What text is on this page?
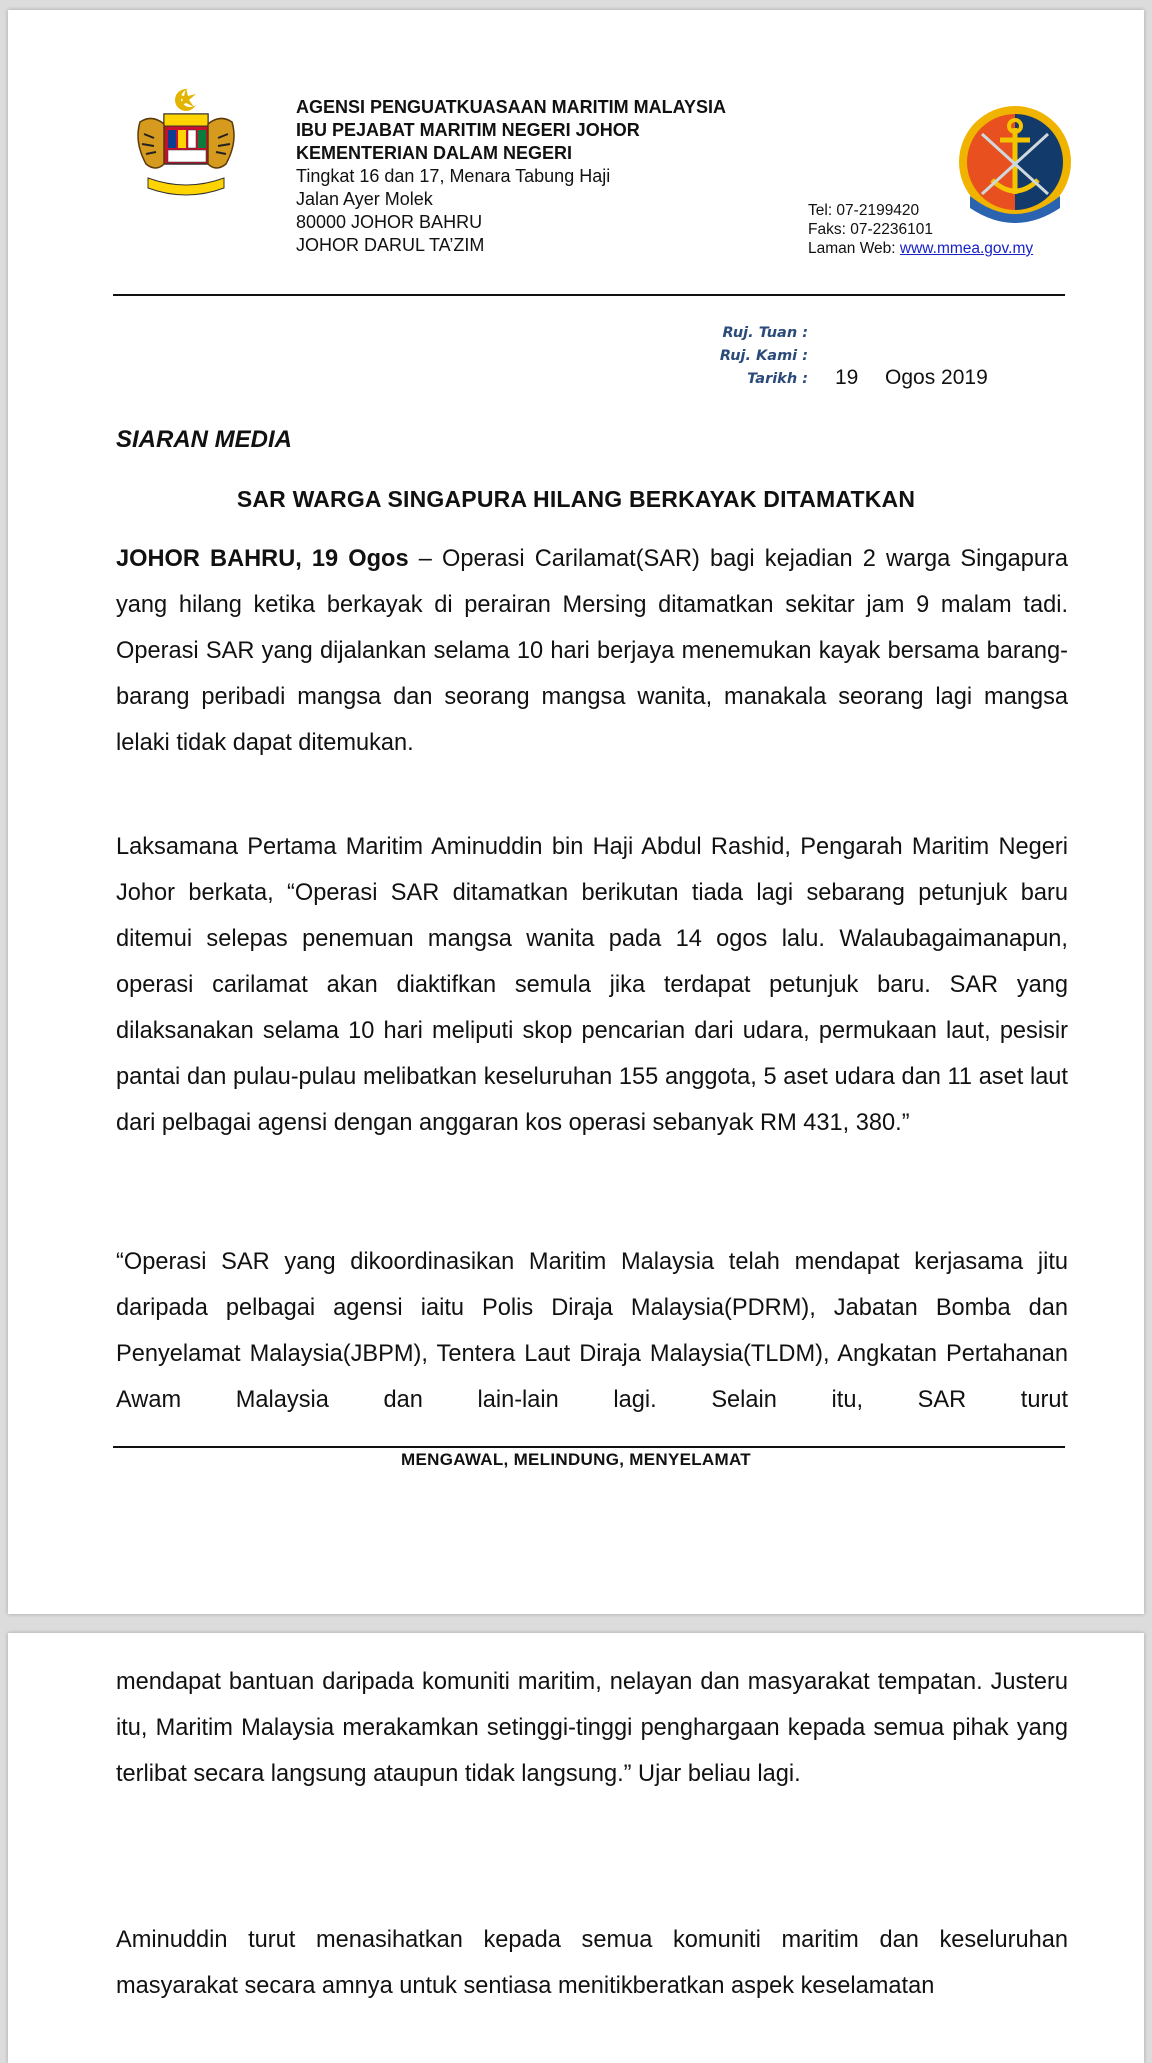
AGENSI PENGUATKUASAAN MARITIM MALAYSIA
IBU PEJABAT MARITIM NEGERI JOHOR
KEMENTERIAN DALAM NEGERI
Tingkat 16 dan 17, Menara Tabung Haji
Jalan Ayer Molek
80000 JOHOR BAHRU
JOHOR DARUL TA’ZIM
Tel: 07-2199420
Faks: 07-2236101
Laman Web: www.mmea.gov.my
Ruj. Tuan :
Ruj. Kami :
Tarikh : 19 Ogos 2019
SIARAN MEDIA
SAR WARGA SINGAPURA HILANG BERKAYAK DITAMATKAN
JOHOR BAHRU, 19 Ogos – Operasi Carilamat(SAR) bagi kejadian 2 warga Singapura yang hilang ketika berkayak di perairan Mersing ditamatkan sekitar jam 9 malam tadi. Operasi SAR yang dijalankan selama 10 hari berjaya menemukan kayak bersama barang-barang peribadi mangsa dan seorang mangsa wanita, manakala seorang lagi mangsa lelaki tidak dapat ditemukan.
Laksamana Pertama Maritim Aminuddin bin Haji Abdul Rashid, Pengarah Maritim Negeri Johor berkata, “Operasi SAR ditamatkan berikutan tiada lagi sebarang petunjuk baru ditemui selepas penemuan mangsa wanita pada 14 ogos lalu. Walaubagaimanapun, operasi carilamat akan diaktifkan semula jika terdapat petunjuk baru. SAR yang dilaksanakan selama 10 hari meliputi skop pencarian dari udara, permukaan laut, pesisir pantai dan pulau-pulau melibatkan keseluruhan 155 anggota, 5 aset udara dan 11 aset laut dari pelbagai agensi dengan anggaran kos operasi sebanyak RM 431, 380.”
“Operasi SAR yang dikoordinasikan Maritim Malaysia telah mendapat kerjasama jitu daripada pelbagai agensi iaitu Polis Diraja Malaysia(PDRM), Jabatan Bomba dan Penyelamat Malaysia(JBPM), Tentera Laut Diraja Malaysia(TLDM), Angkatan Pertahanan Awam Malaysia dan lain-lain lagi. Selain itu, SAR turut
MENGAWAL, MELINDUNG, MENYELAMAT
mendapat bantuan daripada komuniti maritim, nelayan dan masyarakat tempatan. Justeru itu, Maritim Malaysia merakamkan setinggi-tinggi penghargaan kepada semua pihak yang terlibat secara langsung ataupun tidak langsung.” Ujar beliau lagi.
Aminuddin turut menasihatkan kepada semua komuniti maritim dan keseluruhan masyarakat secara amnya untuk sentiasa menitikberatkan aspek keselamatan
